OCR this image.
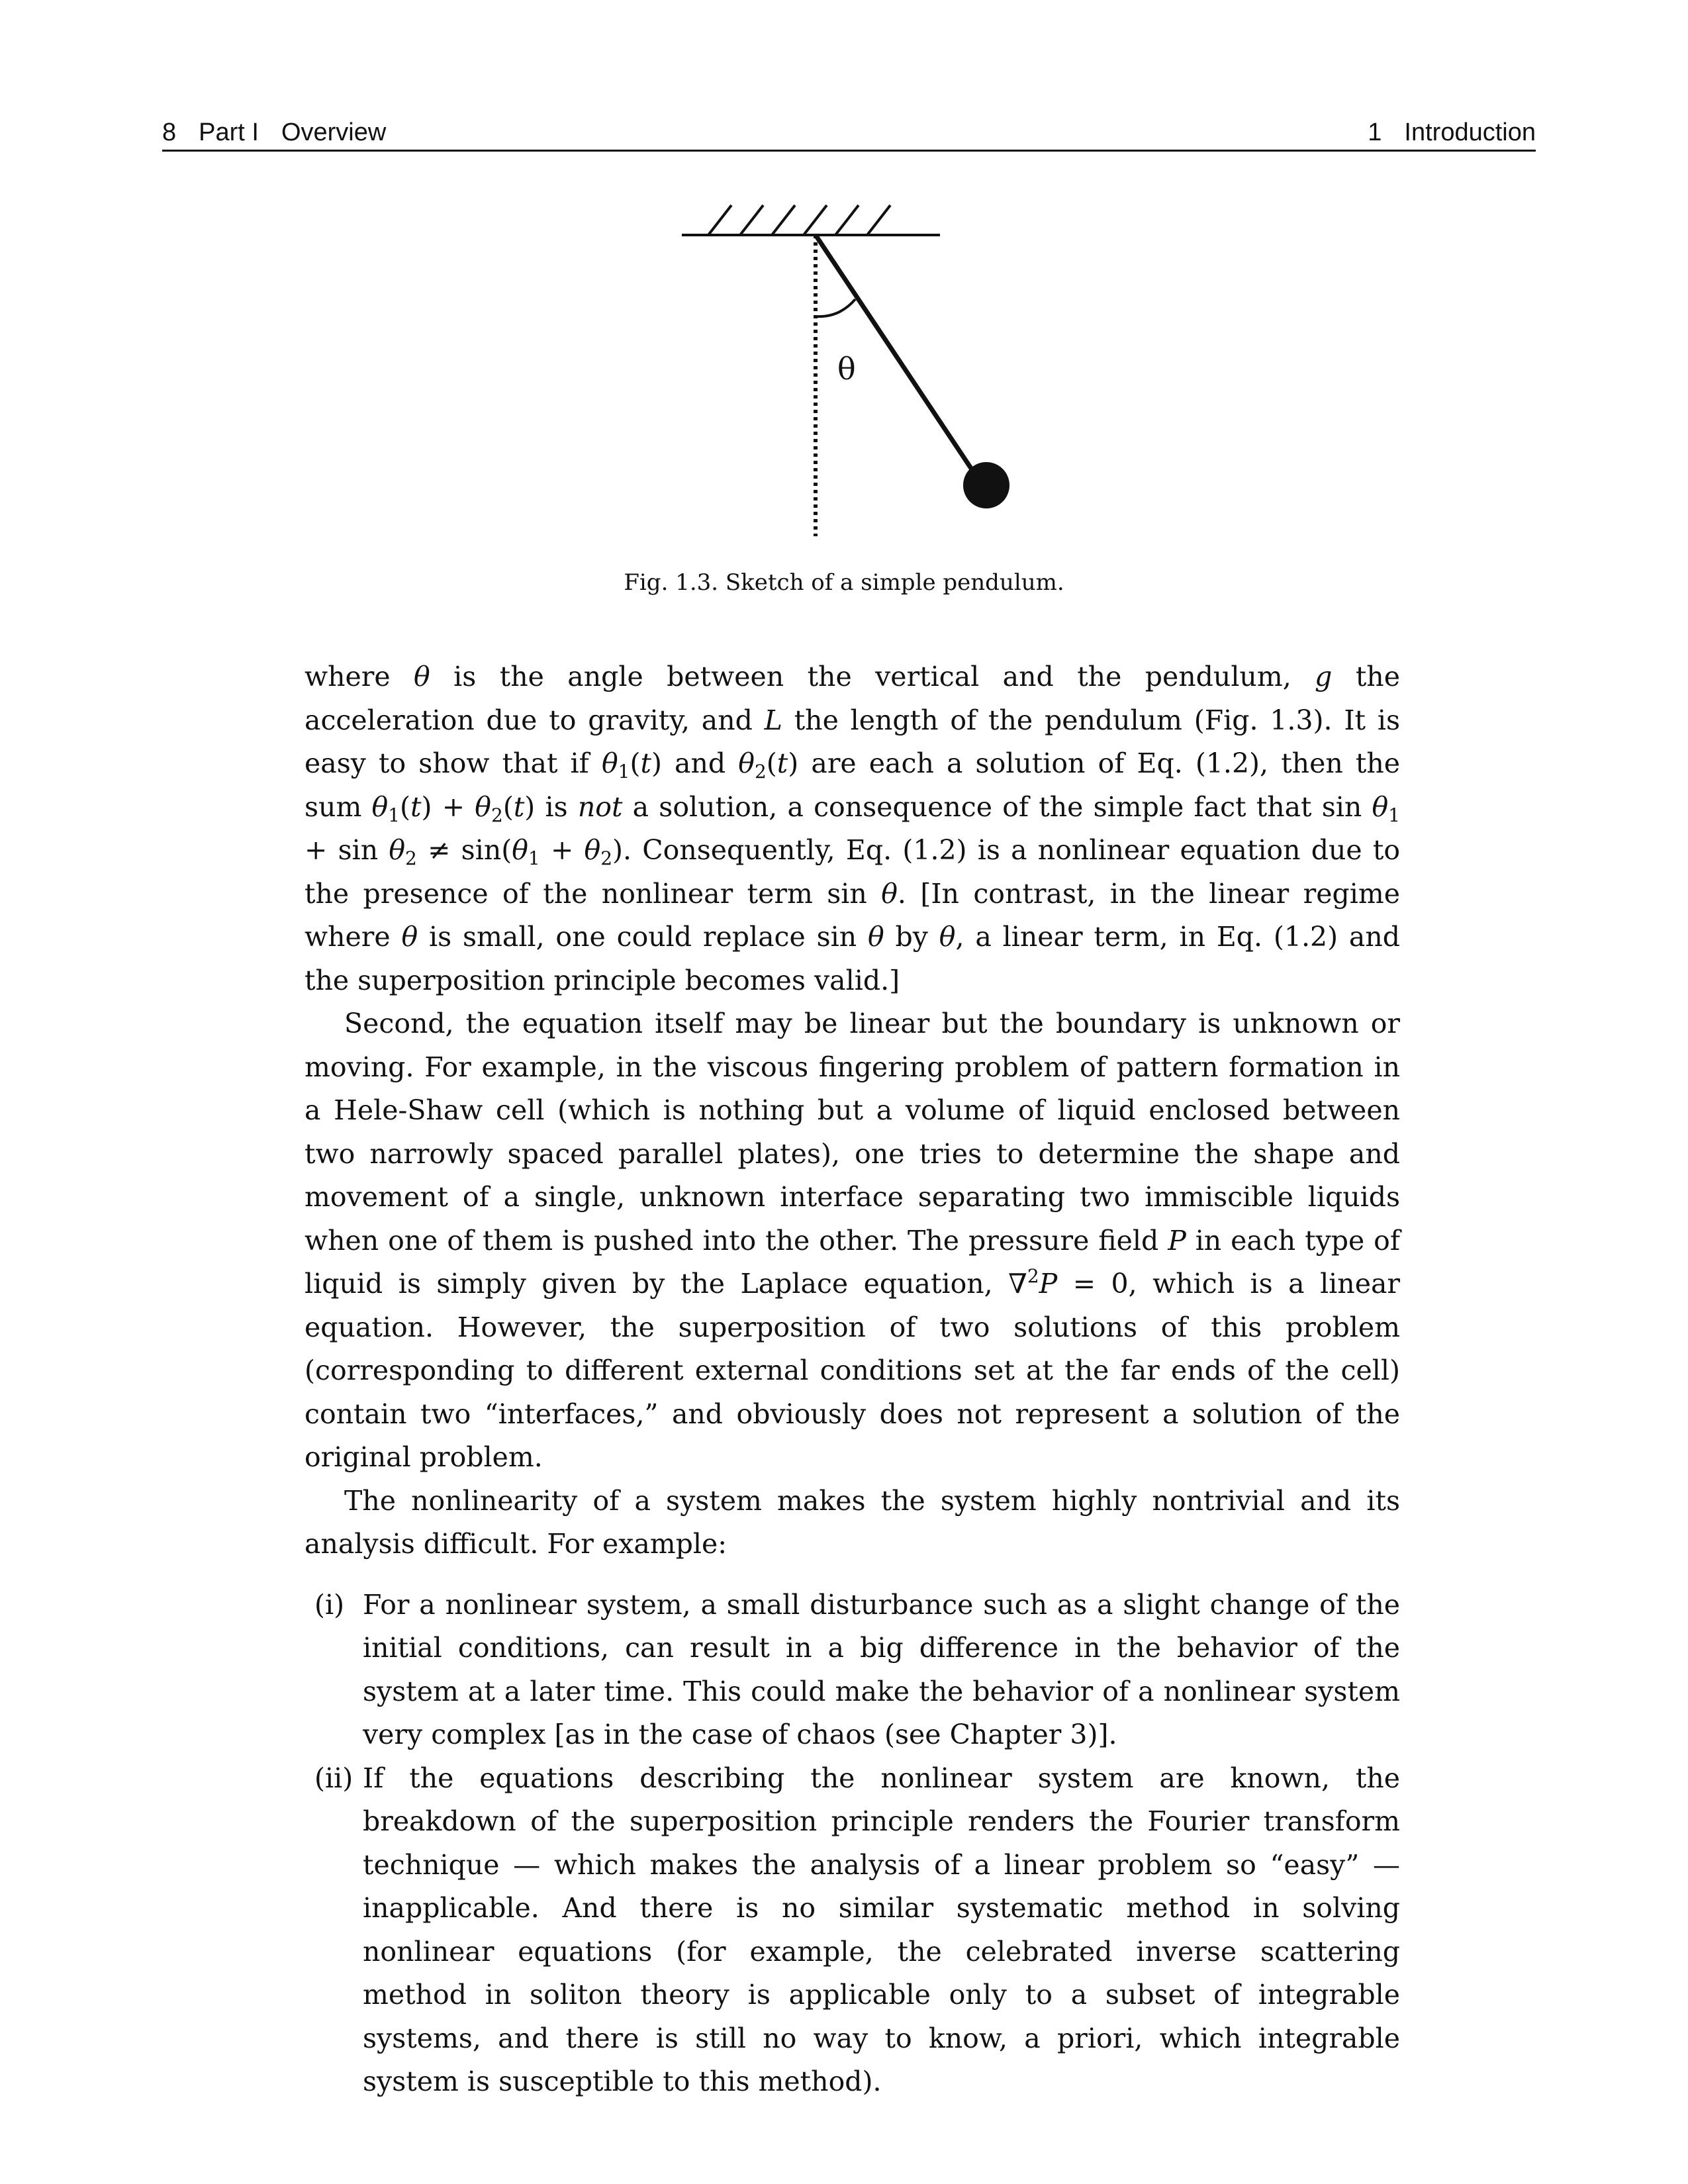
8 Part I Overview	1 Introduction
θ
Fig. 1.3. Sketch of a simple pendulum.

where θ is the angle between the vertical and the pendulum, g the acceleration due to gravity, and L the length of the pendulum (Fig. 1.3). It is easy to show that if $\theta_1(t)$ and $\theta_2(t)$ are each a solution of Eq. (1.2), then the sum $\theta_1(t) + \theta_2(t)$ is not a solution, a consequence of the simple fact that $\sin \theta_1 + \sin \theta_2 \ne \sin(\theta_1 + \theta_2)$. Consequently, Eq. (1.2) is a nonlinear equation due to the presence of the nonlinear term sin θ. [In contrast, in the linear regime where θ is small, one could replace sin θ by θ, a linear term, in Eq. (1.2) and the superposition principle becomes valid.]

Second, the equation itself may be linear but the boundary is unknown or moving. For example, in the viscous fingering problem of pattern formation in a Hele-Shaw cell (which is nothing but a volume of liquid enclosed between two narrowly spaced parallel plates), one tries to determine the shape and movement of a single, unknown interface separating two immiscible liquids when one of them is pushed into the other. The pressure field P in each type of liquid is simply given by the Laplace equation, ∇$^2$P = 0, which is a linear equation. However, the superposition of two solutions of this problem (corresponding to different external conditions set at the far ends of the cell) contain two “interfaces,” and obviously does not represent a solution of the original problem.

The nonlinearity of a system makes the system highly nontrivial and its analysis difficult. For example:

(i) For a nonlinear system, a small disturbance such as a slight change of the initial conditions, can result in a big difference in the behavior of the system at a later time. This could make the behavior of a nonlinear system very complex [as in the case of chaos (see Chapter 3)].
(ii) If the equations describing the nonlinear system are known, the breakdown of the superposition principle renders the Fourier transform technique — which makes the analysis of a linear problem so “easy” — inapplicable. And there is no similar systematic method in solving nonlinear equations (for example, the celebrated inverse scattering method in soliton theory is applicable only to a subset of integrable systems, and there is still no way to know, a priori, which integrable system is susceptible to this method).
